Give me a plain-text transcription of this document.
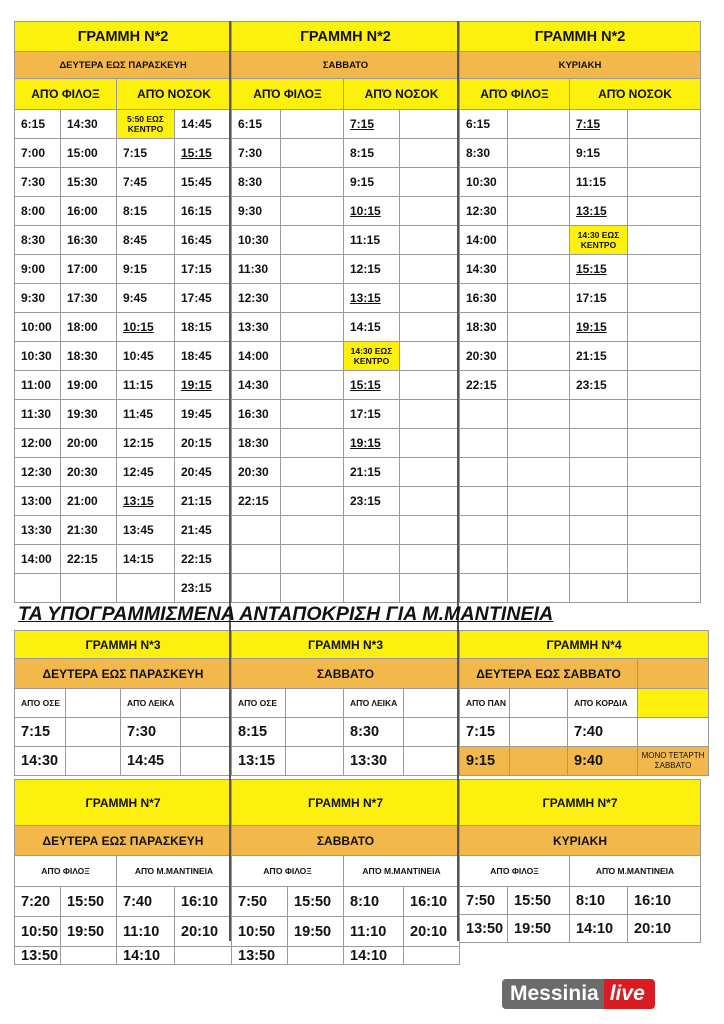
ΓΡΑΜΜΗ Ν*2			
ΔΕΥΤΕΡΑ ΕΩΣ ΠΑΡΑΣΚΕΥΗ			
ΑΠΌ ΦΙΛΟΞ		ΑΠΌ ΝΟΣΟΚ	
6:15	14:30	5:50 ΕΩΣ ΚΕΝΤΡΟ	14:45
7:00	15:00	7:15	15:15
7:30	15:30	7:45	15:45
8:00	16:00	8:15	16:15
8:30	16:30	8:45	16:45
9:00	17:00	9:15	17:15
9:30	17:30	9:45	17:45
10:00	18:00	10:15	18:15
10:30	18:30	10:45	18:45
11:00	19:00	11:15	19:15
11:30	19:30	11:45	19:45
12:00	20:00	12:15	20:15
12:30	20:30	12:45	20:45
13:00	21:00	13:15	21:15
13:30	21:30	13:45	21:45
14:00	22:15	14:15	22:15
			23:15
ΓΡΑΜΜΗ Ν*2			
ΣΑΒΒΑΤΟ			
ΑΠΌ ΦΙΛΟΞ		ΑΠΌ ΝΟΣΟΚ	
6:15		7:15	
7:30		8:15	
8:30		9:15	
9:30		10:15	
10:30		11:15	
11:30		12:15	
12:30		13:15	
13:30		14:15	
14:00		14:30 ΕΩΣ ΚΕΝΤΡΟ	
14:30		15:15	
16:30		17:15	
18:30		19:15	
20:30		21:15	
22:15		23:15	

ΓΡΑΜΜΗ Ν*2			
ΚΥΡΙΑΚΗ			
ΑΠΌ ΦΙΛΟΞ		ΑΠΌ ΝΟΣΟΚ	
6:15		7:15	
8:30		9:15	
10:30		11:15	
12:30		13:15	
14:00		14:30 ΕΩΣ ΚΕΝΤΡΟ	
14:30		15:15	
16:30		17:15	
18:30		19:15	
20:30		21:15	
22:15		23:15	

ΓΡΑΜΜΗ Ν*3			
ΔΕΥΤΕΡΑ ΕΩΣ ΠΑΡΑΣΚΕΥΗ			
ΑΠΌ ΟΣΕ		ΑΠΌ ΛΕΙΚΑ	
7:15		7:30	
14:30		14:45	
ΓΡΑΜΜΗ Ν*3			
ΣΑΒΒΑΤΟ			
ΑΠΌ ΟΣΕ		ΑΠΌ ΛΕΙΚΑ	
8:15		8:30	
13:15		13:30	
ΓΡΑΜΜΗ Ν*4			
ΔΕΥΤΕΡΑ ΕΩΣ ΣΑΒΒΑΤΟ			
ΑΠΌ ΠΑΝ		ΑΠΌ ΚΟΡΔΙΑ	
7:15		7:40	
9:15		9:40	ΜΟΝΟ ΤΕΤΑΡΤΗ ΣΑΒΒΑΤΟ
ΓΡΑΜΜΗ Ν*7			
ΔΕΥΤΕΡΑ ΕΩΣ ΠΑΡΑΣΚΕΥΗ			
ΑΠΌ ΦΙΛΟΞ		ΑΠΌ Μ.ΜΑΝΤΙΝΕΙΑ	
7:20	15:50	7:40	16:10
10:50	19:50	11:10	20:10
13:50		14:10	
ΓΡΑΜΜΗ Ν*7			
ΣΑΒΒΑΤΟ			
ΑΠΌ ΦΙΛΟΞ		ΑΠΌ Μ.ΜΑΝΤΙΝΕΙΑ	
7:50	15:50	8:10	16:10
10:50	19:50	11:10	20:10
13:50		14:10	
ΓΡΑΜΜΗ Ν*7			
ΚΥΡΙΑΚΗ			
ΑΠΌ ΦΙΛΟΞ		ΑΠΌ Μ.ΜΑΝΤΙΝΕΙΑ	
7:50	15:50	8:10	16:10
13:50	19:50	14:10	20:10
ΤΑ ΥΠΟΓΡΑΜΜΙΣΜΕΝΑ ΑΝΤΑΠΟΚΡΙΣΗ ΓΙΑ Μ.ΜΑΝΤΙΝΕΙΑ
Messinia live
